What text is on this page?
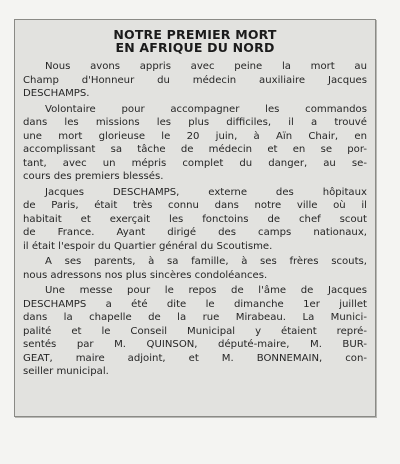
NOTRE PREMIER MORT
EN AFRIQUE DU NORD
Nous avons appris avec peine la mort au
Champ d'Honneur du médecin auxiliaire Jacques
DESCHAMPS.
Volontaire pour accompagner les commandos
dans les missions les plus difficiles, il a trouvé
une mort glorieuse le 20 juin, à Aïn Chair, en
accomplissant sa tâche de médecin et en se por-
tant, avec un mépris complet du danger, au se-
cours des premiers blessés.
Jacques DESCHAMPS, externe des hôpitaux
de Paris, était très connu dans notre ville où il
habitait et exerçait les fonctoins de chef scout
de France. Ayant dirigé des camps nationaux,
il était l'espoir du Quartier général du Scoutisme.
A ses parents, à sa famille, à ses frères scouts,
nous adressons nos plus sincères condoléances.
Une messe pour le repos de l'âme de Jacques
DESCHAMPS a été dite le dimanche 1er juillet
dans la chapelle de la rue Mirabeau. La Munici-
palité et le Conseil Municipal y étaient repré-
sentés par M. QUINSON, député-maire, M. BUR-
GEAT, maire adjoint, et M. BONNEMAIN, con-
seiller municipal.
